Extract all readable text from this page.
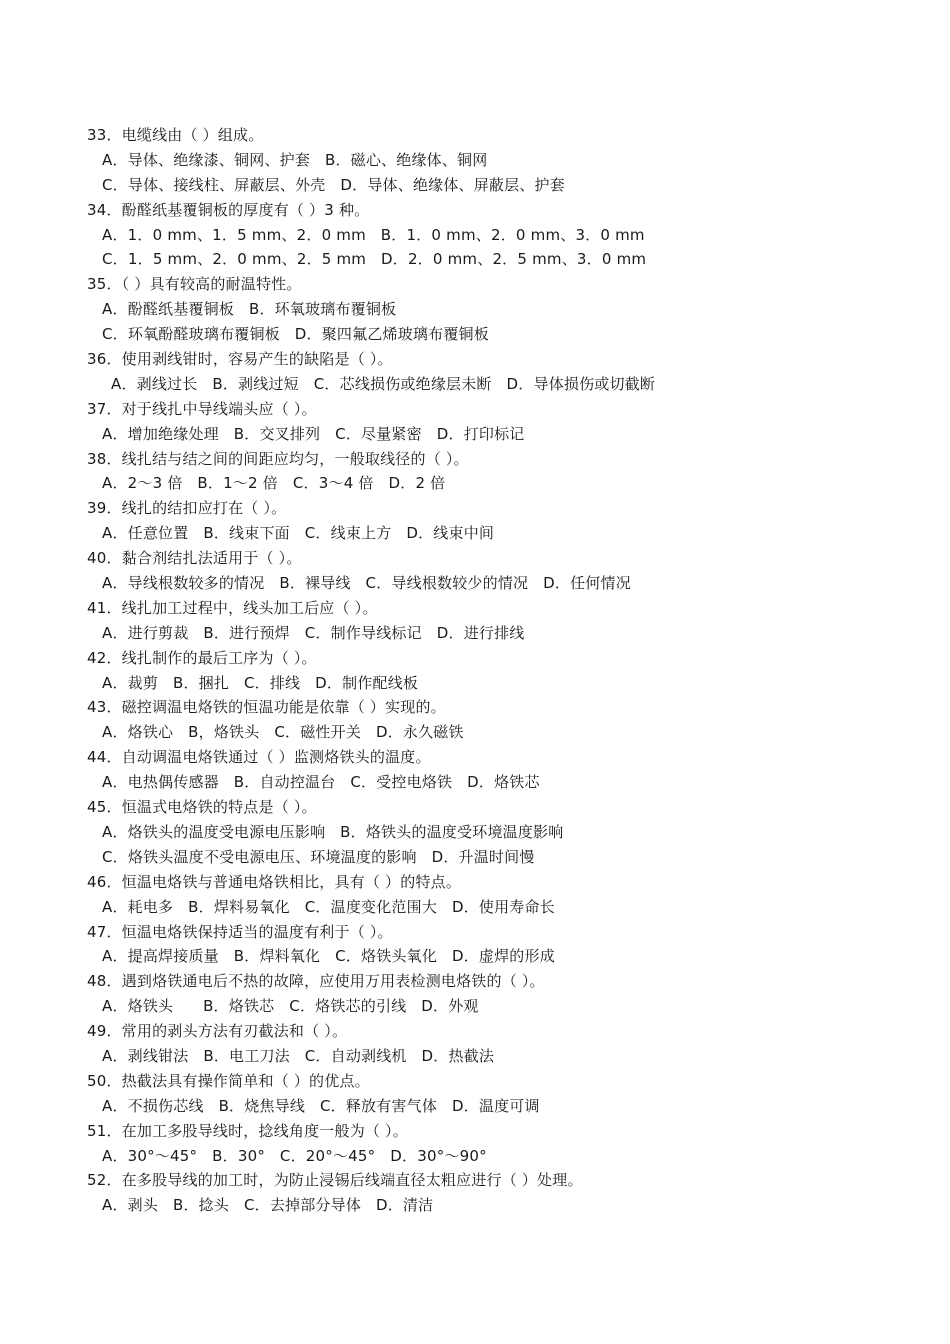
33．电缆线由（ ）组成。
A．导体、绝缘漆、铜网、护套   B．磁心、绝缘体、铜网
C．导体、接线柱、屏蔽层、外壳   D．导体、绝缘体、屏蔽层、护套
34．酚醛纸基覆铜板的厚度有（ ）3 种。
A．1．0 mm、1．5 mm、2．0 mm   B．1．0 mm、2．0 mm、3．0 mm
C．1．5 mm、2．0 mm、2．5 mm   D．2．0 mm、2．5 mm、3．0 mm
35．（ ）具有较高的耐温特性。
A．酚醛纸基覆铜板   B．环氧玻璃布覆铜板
C．环氧酚醛玻璃布覆铜板   D．聚四氟乙烯玻璃布覆铜板
36．使用剥线钳时，容易产生的缺陷是（ ）。
A．剥线过长   B．剥线过短   C．芯线损伤或绝缘层未断   D．导体损伤或切截断
37．对于线扎中导线端头应（ ）。
A．增加绝缘处理   B．交叉排列   C．尽量紧密   D．打印标记
38．线扎结与结之间的间距应均匀，一般取线径的（ ）。
A．2～3 倍   B．1～2 倍   C．3～4 倍   D．2 倍
39．线扎的结扣应打在（ ）。
A．任意位置   B．线束下面   C．线束上方   D．线束中间
40．黏合剂结扎法适用于（ ）。
A．导线根数较多的情况   B．裸导线   C．导线根数较少的情况   D．任何情况
41．线扎加工过程中，线头加工后应（ ）。
A．进行剪裁   B．进行预焊   C．制作导线标记   D．进行排线
42．线扎制作的最后工序为（ ）。
A．裁剪   B．捆扎   C．排线   D．制作配线板
43．磁控调温电烙铁的恒温功能是依靠（ ）实现的。
A．烙铁心   B，烙铁头   C．磁性开关   D．永久磁铁
44．自动调温电烙铁通过（ ）监测烙铁头的温度。
A．电热偶传感器   B．自动控温台   C．受控电烙铁   D．烙铁芯
45．恒温式电烙铁的特点是（ ）。
A．烙铁头的温度受电源电压影响   B．烙铁头的温度受环境温度影响
C．烙铁头温度不受电源电压、环境温度的影响   D．升温时间慢
46．恒温电烙铁与普通电烙铁相比，具有（ ）的特点。
A．耗电多   B．焊料易氧化   C．温度变化范围大   D．使用寿命长
47．恒温电烙铁保持适当的温度有利于（ ）。
A．提高焊接质量   B．焊料氧化   C．烙铁头氧化   D．虚焊的形成
48．遇到烙铁通电后不热的故障，应使用万用表检测电烙铁的（ ）。
A．烙铁头      B．烙铁芯   C．烙铁芯的引线   D．外观
49．常用的剥头方法有刃截法和（ ）。
A．剥线钳法   B．电工刀法   C．自动剥线机   D．热截法
50．热截法具有操作简单和（ ）的优点。
A．不损伤芯线   B．烧焦导线   C．释放有害气体   D．温度可调
51．在加工多股导线时，捻线角度一般为（ ）。
A．30°～45°   B．30°   C．20°～45°   D．30°～90°
52．在多股导线的加工时，为防止浸锡后线端直径太粗应进行（ ）处理。
A．剥头   B．捻头   C．去掉部分导体   D．清洁
